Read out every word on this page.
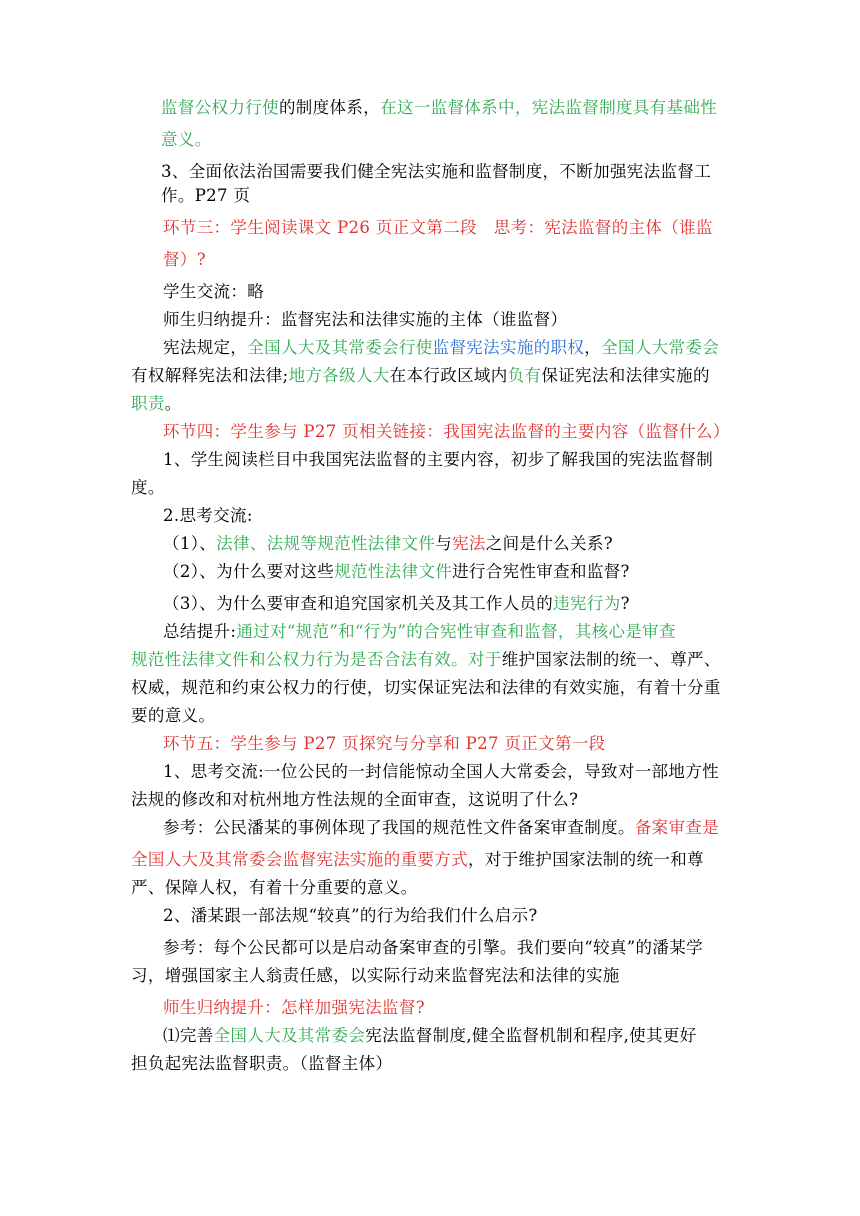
监督公权力行使的制度体系，在这一监督体系中，宪法监督制度具有基础性
意义。
3、全面依法治国需要我们健全宪法实施和监督制度，不断加强宪法监督工
作。P27 页
环节三：学生阅读课文 P26 页正文第二段　思考：宪法监督的主体（谁监
督）?
学生交流：略
师生归纳提升：监督宪法和法律实施的主体（谁监督）
宪法规定，全国人大及其常委会行使监督宪法实施的职权，全国人大常委会
有权解释宪法和法律;地方各级人大在本行政区域内负有保证宪法和法律实施的
职责。
环节四：学生参与 P27 页相关链接：我国宪法监督的主要内容（监督什么）
1、学生阅读栏目中我国宪法监督的主要内容，初步了解我国的宪法监督制
度。
2.思考交流:
（1）、法律、法规等规范性法律文件与宪法之间是什么关系?
（2）、为什么要对这些规范性法律文件进行合宪性审查和监督?
（3）、为什么要审查和追究国家机关及其工作人员的违宪行为?
总结提升:通过对“规范”和“行为”的合宪性审查和监督，其核心是审查
规范性法律文件和公权力行为是否合法有效。对于维护国家法制的统一、尊严、
权威，规范和约束公权力的行使，切实保证宪法和法律的有效实施，有着十分重
要的意义。
环节五：学生参与 P27 页探究与分享和 P27 页正文第一段
1、思考交流:一位公民的一封信能惊动全国人大常委会，导致对一部地方性
法规的修改和对杭州地方性法规的全面审查，这说明了什么?
参考：公民潘某的事例体现了我国的规范性文件备案审查制度。备案审查是
全国人大及其常委会监督宪法实施的重要方式，对于维护国家法制的统一和尊
严、保障人权，有着十分重要的意义。
2、潘某跟一部法规“较真”的行为给我们什么启示?
参考：每个公民都可以是启动备案审查的引擎。我们要向“较真”的潘某学
习，增强国家主人翁责任感，以实际行动来监督宪法和法律的实施
师生归纳提升：怎样加强宪法监督?
⑴完善全国人大及其常委会宪法监督制度,健全监督机制和程序,使其更好
担负起宪法监督职责。（监督主体）
